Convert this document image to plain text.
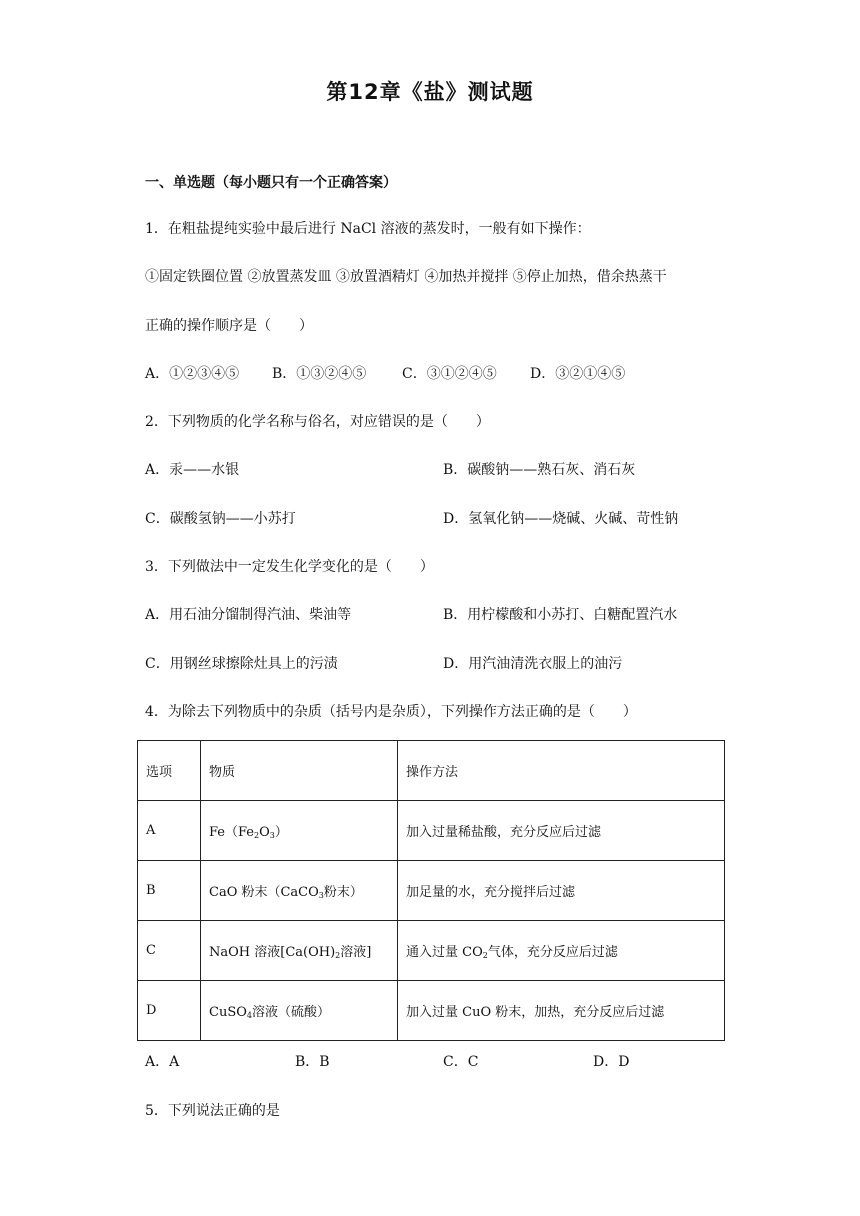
第12章《盐》测试题
一、单选题（每小题只有一个正确答案）
1．在粗盐提纯实验中最后进行 NaCl 溶液的蒸发时，一般有如下操作：
①固定铁圈位置 ②放置蒸发皿 ③放置酒精灯 ④加热并搅拌 ⑤停止加热，借余热蒸干
正确的操作顺序是（　　）
A．①②③④⑤ B．①③②④⑤	C．③①②④⑤ D．③②①④⑤
2．下列物质的化学名称与俗名，对应错误的是（　　）
A．汞——水银	B．碳酸钠——熟石灰、消石灰
C．碳酸氢钠——小苏打	D．氢氧化钠——烧碱、火碱、苛性钠
3．下列做法中一定发生化学变化的是（　　）
A．用石油分馏制得汽油、柴油等	B．用柠檬酸和小苏打、白糖配置汽水
C．用钢丝球擦除灶具上的污渍	D．用汽油清洗衣服上的油污
4．为除去下列物质中的杂质（括号内是杂质），下列操作方法正确的是（　　）
选项	物质	操作方法
A	$Fe(Fe_2O_3)$	加入过量稀盐酸，充分反应后过滤
B	CaO 粉末（CaCO$_3$粉末）	加足量的水，充分搅拌后过滤
C	NaOH 溶液[$Ca(OH)_2$溶液]	通入过量 $CO_2$气体，充分反应后过滤
D	CuSO$_4$溶液（硫酸）	加入过量 CuO 粉末，加热，充分反应后过滤
A．A	B．B	C．C	D．D
5．下列说法正确的是
